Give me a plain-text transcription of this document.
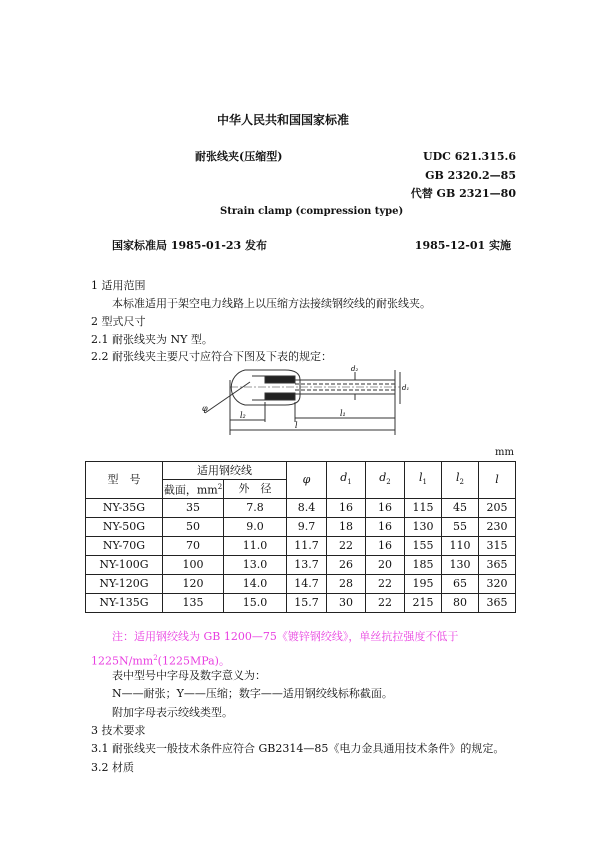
中华人民共和国国家标准
耐张线夹(压缩型)	UDC 621.315.6
GB 2320.2—85
代替 GB 2321—80
Strain clamp (compression type)
国家标准局 1985-01-23 发布	1985-12-01 实施
1 适用范围
本标准适用于架空电力线路上以压缩方法接续钢绞线的耐张线夹。
2 型式尺寸
2.1 耐张线夹为 NY 型。
2.2 耐张线夹主要尺寸应符合下图及下表的规定：
l₂	l₁
l
φ
d₂
d₁
mm
型　号	适用钢绞线		φ	$d_1$	$d_2$	$l_1$	$l_2$	l
	截面，$mm^2$	外　径						
NY-35G	35	7.8	8.4	16	16	115	45	205
NY-50G	50	9.0	9.7	18	16	130	55	230
NY-70G	70	11.0	11.7	22	16	155	110	315
NY-100G	100	13.0	13.7	26	20	185	130	365
NY-120G	120	14.0	14.7	28	22	195	65	320
NY-135G	135	15.0	15.7	30	22	215	80	365
注：适用钢绞线为 GB 1200—75《镀锌钢绞线》，单丝抗拉强度不低于
$1225N/mm^2(1225MPa)$。
表中型号中字母及数字意义为：
N——耐张；Y——压缩；数字——适用钢绞线标称截面。
附加字母表示绞线类型。
3 技术要求
3.1 耐张线夹一般技术条件应符合 GB2314—85《电力金具通用技术条件》的规定。
3.2 材质
